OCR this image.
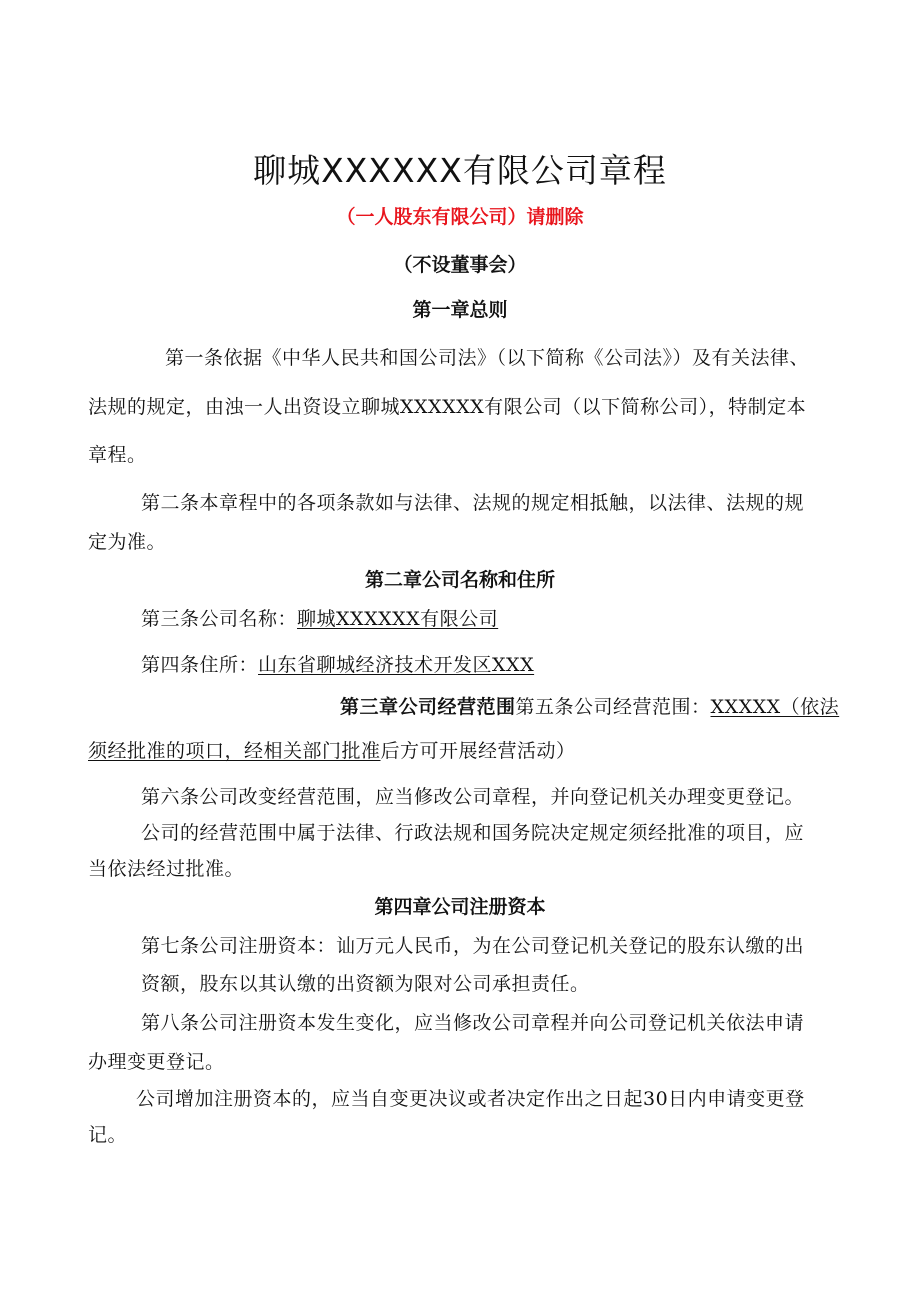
聊城XXXXXX有限公司章程
（一人股东有限公司）请删除
（不设董事会）
第一章总则
第一条依据《中华人民共和国公司法》（以下简称《公司法》）及有关法律、
法规的规定，由浊一人出资设立聊城XXXXXX有限公司（以下简称公司），特制定本
章程。
第二条本章程中的各项条款如与法律、法规的规定相抵触，以法律、法规的规
定为准。
第二章公司名称和住所
第三条公司名称：聊城XXXXXX有限公司
第四条住所：山东省聊城经济技术开发区XXX
第三章公司经营范围第五条公司经营范围：XXXXX（依法
须经批准的项口，经相关部门批准后方可开展经营活动）
第六条公司改变经营范围，应当修改公司章程，并向登记机关办理变更登记。
公司的经营范围中属于法律、行政法规和国务院决定规定须经批准的项目，应
当依法经过批准。
第四章公司注册资本
第七条公司注册资本：讪万元人民币，为在公司登记机关登记的股东认缴的出
资额，股东以其认缴的出资额为限对公司承担责任。
第八条公司注册资本发生变化，应当修改公司章程并向公司登记机关依法申请
办理变更登记。
公司增加注册资本的，应当自变更决议或者决定作出之日起30日内申请变更登
记。
